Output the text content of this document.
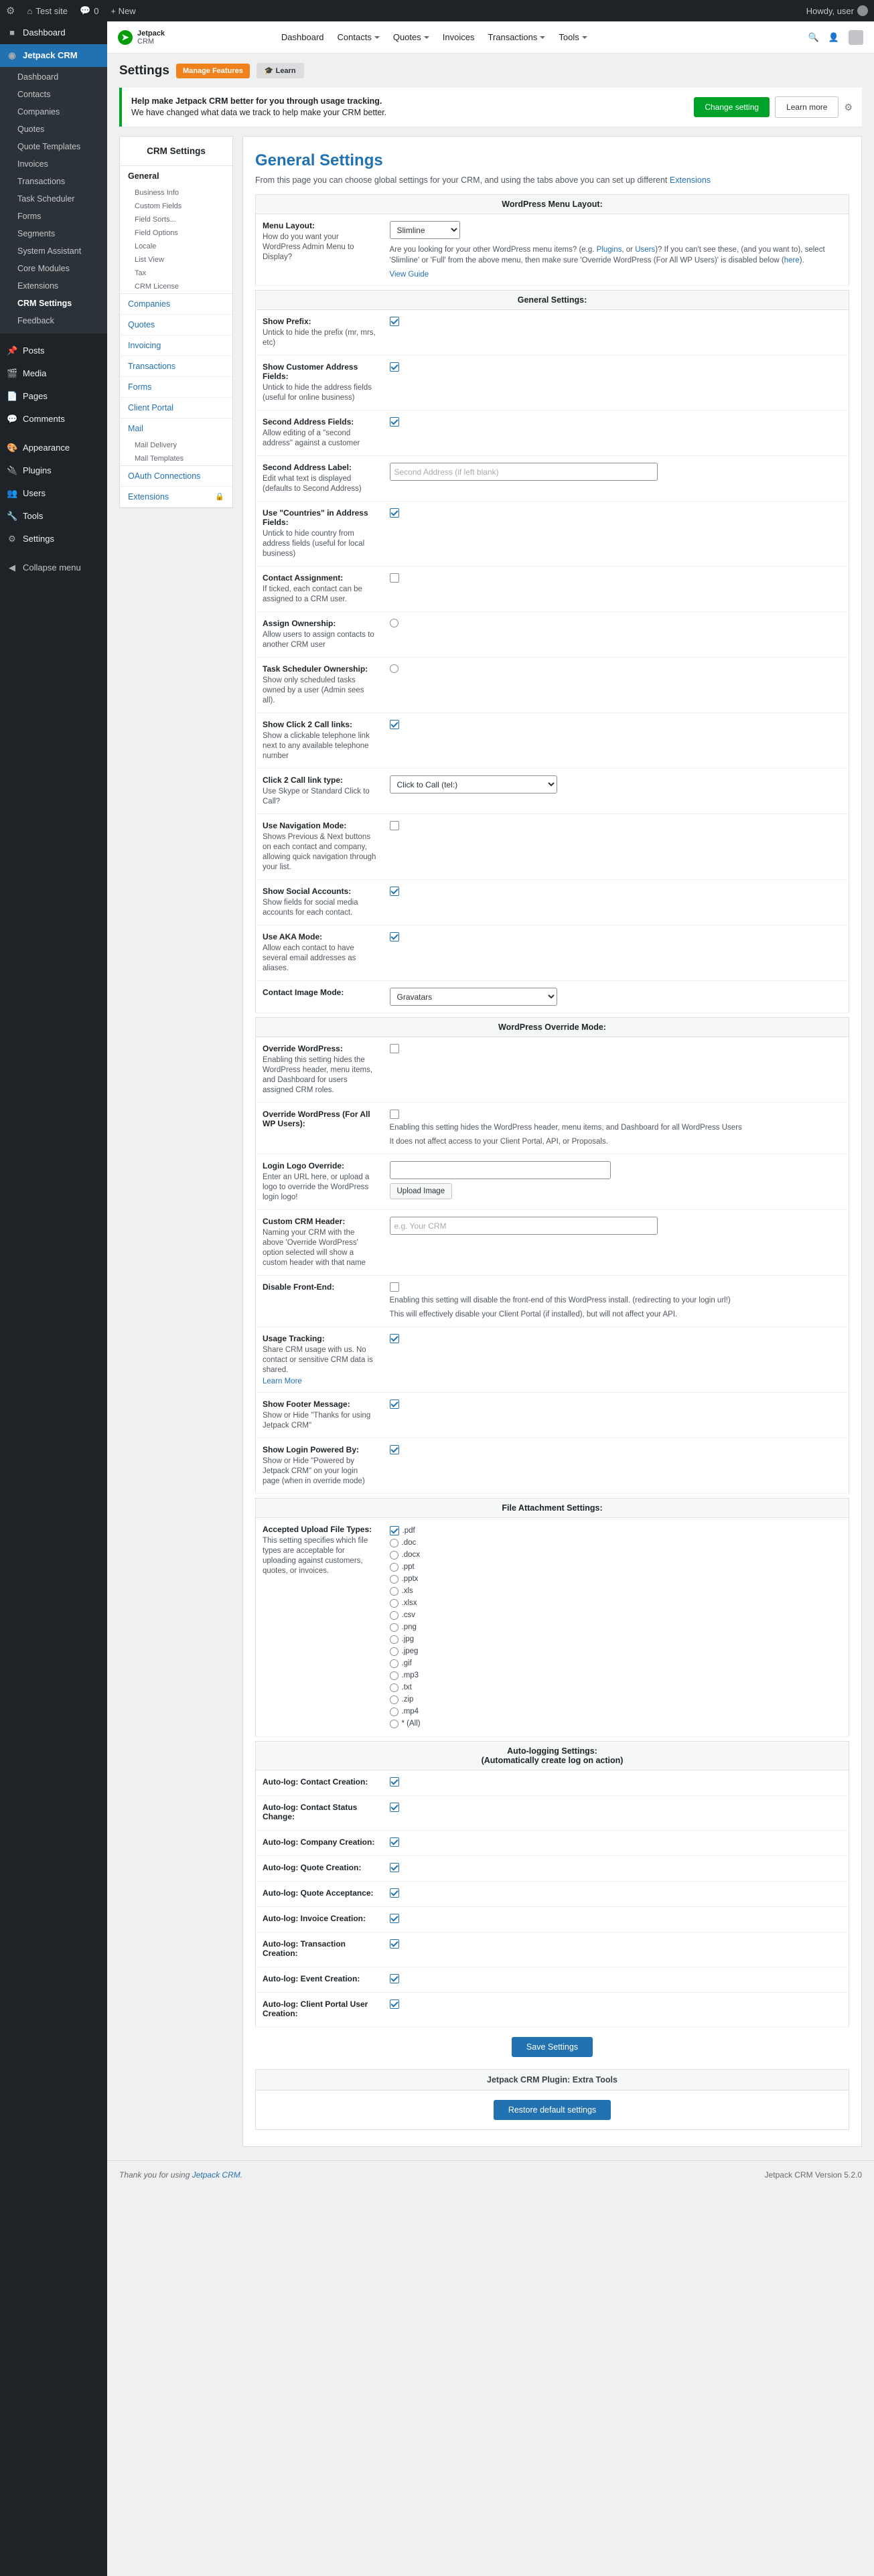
⚙ ⌂ Test site 💬 0 + New	Howdy, user
■ Dashboard
◉ Jetpack CRM
Dashboard
Contacts
Companies
Quotes
Quote Templates
Invoices
Transactions
Task Scheduler
Forms
Segments
System Assistant
Core Modules
Extensions
CRM Settings
Feedback
📌 Posts
🎬 Media
📄 Pages
💬 Comments
🎨 Appearance
🔌 Plugins
👥 Users
🔧 Tools
⚙ Settings
◀ Collapse menu
➤	Jetpack
CRM	Dashboard Contacts Quotes Invoices Transactions Tools	🔍 👤
Settings	Manage Features	🎓 Learn
Help make Jetpack CRM better for you through usage tracking.
We have changed what data we track to help make your CRM better.
Change setting	Learn more	⚙
CRM Settings
General
Business Info
Custom Fields
Field Sorts...
Field Options
Locale
List View
Tax
CRM License
Companies
Quotes
Invoicing
Transactions
Forms
Client Portal
Mail
Mail Delivery
Mail Templates
OAuth Connections
Extensions	🔒
General Settings
From this page you can choose global settings for your CRM, and using the tabs above you can set up different Extensions
WordPress Menu Layout:
Menu Layout:
How do you want your WordPress Admin Menu to Display?

Slimline

Are you looking for your other WordPress menu items? (e.g. Plugins, or Users)? If you can't see these, (and you want to), select 'Slimline' or 'Full' from the above menu, then make sure 'Override WordPress (For All WP Users)' is disabled below (here).

View Guide
General Settings:
Show Prefix:
Untick to hide the prefix (mr, mrs, etc)

Show Customer Address Fields:
Untick to hide the address fields (useful for online business)

Second Address Fields:
Allow editing of a "second address" against a customer

Second Address Label:
Edit what text is displayed (defaults to Second Address)
	Second Address (if left blank)

Use "Countries" in Address Fields:
Untick to hide country from address fields (useful for local business)

Contact Assignment:
If ticked, each contact can be assigned to a CRM user.

Assign Ownership:
Allow users to assign contacts to another CRM user

Task Scheduler Ownership:
Show only scheduled tasks owned by a user (Admin sees all).

Show Click 2 Call links:
Show a clickable telephone link next to any available telephone number

Click 2 Call link type:
Use Skype or Standard Click to Call?

Click to Call (tel:)

Use Navigation Mode:
Shows Previous & Next buttons on each contact and company, allowing quick navigation through your list.

Show Social Accounts:
Show fields for social media accounts for each contact.

Use AKA Mode:
Allow each contact to have several email addresses as aliases.

Contact Image Mode:

Gravatars
WordPress Override Mode:
Override WordPress:
Enabling this setting hides the WordPress header, menu items, and Dashboard for users assigned CRM roles.

Override WordPress (For All WP Users):	Enabling this setting hides the WordPress header, menu items, and Dashboard for all WordPress Users
It does not affect access to your Client Portal, API, or Proposals.

Login Logo Override:
Enter an URL here, or upload a logo to override the WordPress login logo!	Upload Image

Custom CRM Header:
Naming your CRM with the above 'Override WordPress' option selected will show a custom header with that name
	e.g. Your CRM

Disable Front-End:	Enabling this setting will disable the front-end of this WordPress install. (redirecting to your login url!)
This will effectively disable your Client Portal (if installed), but will not affect your API.

Usage Tracking:
Share CRM usage with us. No contact or sensitive CRM data is shared.
Learn More	

Show Footer Message:
Show or Hide "Thanks for using Jetpack CRM"

Show Login Powered By:
Show or Hide "Powered by Jetpack CRM" on your login page (when in override mode)

File Attachment Settings:
Accepted Upload File Types:
This setting specifies which file types are acceptable for uploading against customers, quotes, or invoices.

.pdf
.doc
.docx
.ppt
.pptx
.xls
.xlsx
.csv
.png
.jpg
.jpeg
.gif
.mp3
.txt
.zip
.mp4
* (All)
Auto-logging Settings:
(Automatically create log on action)
Auto-log: Contact Creation:

Auto-log: Contact Status Change:

Auto-log: Company Creation:

Auto-log: Quote Creation:

Auto-log: Quote Acceptance:

Auto-log: Invoice Creation:

Auto-log: Transaction Creation:

Auto-log: Event Creation:

Auto-log: Client Portal User Creation:

Save Settings
Jetpack CRM Plugin: Extra Tools
Restore default settings
Thank you for using Jetpack CRM.	Jetpack CRM Version 5.2.0
